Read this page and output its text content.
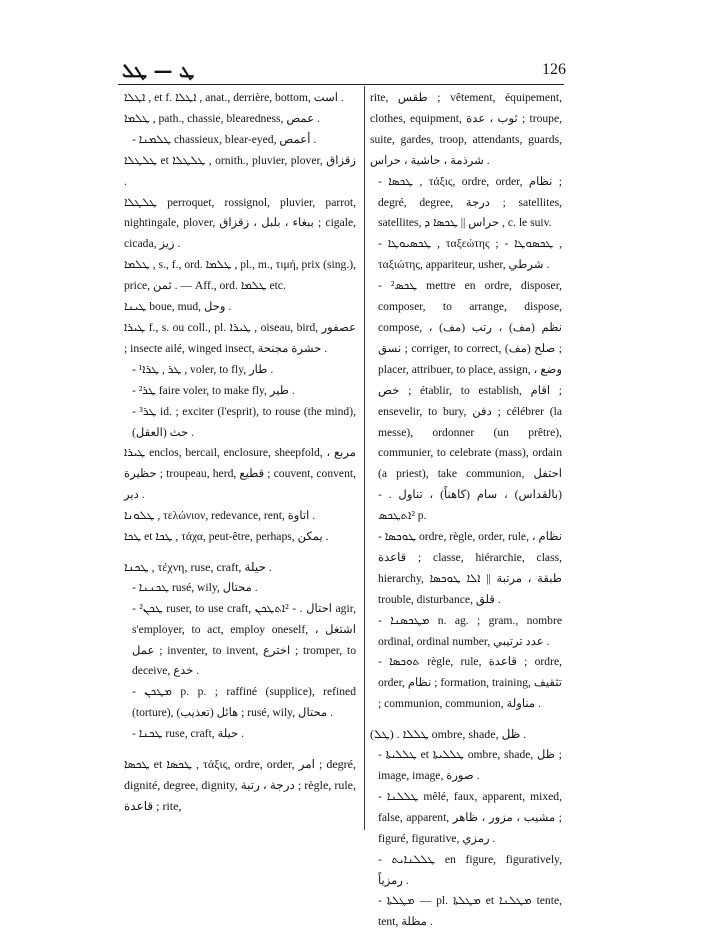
ܛ — ܛܠ	126

ܐܛܠܐ , et f. ܐܛܠܐ , anat., derrière, bottom, است .

ܛܠܡܐ , path., chassie, blearedness, عمص .

- ܛܠܡܢܐ chassieux, blear-eyed, أعمص .

ܛܠܛܠܐ et ܛܠܛܠܐ , ornith., pluvier, plover, زقزاق .

ܛܠܛܠܐ perroquet, rossignol, pluvier, parrot, nightingale, plover, ببغاء ، بلبل ، زقزاق ; cigale, cicada, زيز .

ܛܠܡܐ , s., f., ord. ܛܠܡܐ , pl., m., τιμή, prix (sing.), price, ثمن . — Aff., ord. ܛܠܡܐ etc.

ܛܝܢܐ boue, mud, وحل .

ܛܝܪܐ f., s. ou coll., pl. ܛܝܪܐ , oiseau, bird, عصفور ; insecte ailé, winged insect, حشرة مجنحة .

- ¹ܛܪ , ܛܪܐ , voler, to fly, طار .

- ²ܛܪ faire voler, to make fly, طير .

- ³ܛܪ id. ; exciter (l'esprit), to rouse (the mind), حث (العقل) .

ܛܝܪܐ enclos, bercail, enclosure, sheepfold, مربع ، حظيرة ; troupeau, herd, قطيع ; couvent, convent, دير .

ܛܠܘܢܐ , τελώνιον, redevance, rent, اتاوة .

ܛܟܐ et ܛܟܐ , τάχα, peut-être, perhaps, يمكن .

ܛܟܢܐ , τέχνη, ruse, craft, حيلة .

- ܛܟܢܢܐ rusé, wily, محتال .

- ²ܛܟܢ ruser, to use craft, احتال . - ²ܐܬܛܟܢ agir, s'employer, to act, employ oneself, اشتغل ، عمل ; inventer, to invent, اخترع ; tromper, to deceive, خدع .

- ܡܛܟܢ p. p. ; raffiné (supplice), refined (torture), هائل (تعذيب) ; rusé, wily, محتال .

- ܛܟܢܐ ruse, craft, حيلة .

ܛܟܣܐ et ܛܟܣܐ , τάξις, ordre, order, امر ; degré, dignité, degree, dignity, درجة ، رتبة ; règle, rule, قاعدة ; rite,

rite, طقس ; vêtement, équipement, clothes, equipment, ثوب ، عدة ; troupe, suite, gardes, troop, attendants, guards, شرذمة ، حاشية ، حراس .

- ܛܟܣܐ , τάξις, ordre, order, نظام ; degré, degree, درجة ; satellites, satellites, حراس || ܛܟܣܐ ܕ , c. le suiv.

- ܛܟܣܝܘܛܐ , ταξεώτης ; - ܛܟܣܘܛܐ , ταξιώτης, appariteur, usher, شرطي .

- ²ܛܟܣ mettre en ordre, disposer, composer, to arrange, dispose, compose, نظم (مف) ، رتب (مف) ، نسق ; corriger, to correct, صلح (مف) ; placer, attribuer, to place, assign, وضع ، خص ; établir, to establish, اقام ; ensevelir, to bury, دفن ; célébrer (la messe), ordonner (un prêtre), communier, to celebrate (mass), ordain (a priest), take communion, احتفل (بالقداس) ، سام (كاهناً) ، تناول . - ²ܐܬܛܟܣ p.

- ܛܘܟܣܐ ordre, règle, order, rule, نظام ، قاعدة ; classe, hiérarchie, class, hierarchy, طبقة ، مرتبة || ܐܠܐ ܛܘܟܣܐ trouble, disturbance, قلق .

- ܡܛܟܣܢܐ n. ag. ; gram., nombre ordinal, ordinal number, عدد ترتيبي .

- ܬܘܟܣܐ règle, rule, قاعدة ; ordre, order, نظام ; formation, training, تثقيف ; communion, communion, مناولة .

(ܛܠ) . ܛܠܠܐ ombre, shade, ظل .

- ܛܠܠܝܬܐ et ܛܠܠܝܬܐ ombre, shade, ظل ; image, image, صورة .

- ܛܠܠܢܐ mêlé, faux, apparent, mixed, false, apparent, مشيب ، مزور ، ظاهر ; figuré, figurative, رمزي .

- ܛܠܠܢܐܝܬ en figure, figuratively, رمزياً .

- ܡܛܠܬܐ — pl. ܡܛܠܬܐ et ܡܛܠܢܐ tente, tent, مظلة .
